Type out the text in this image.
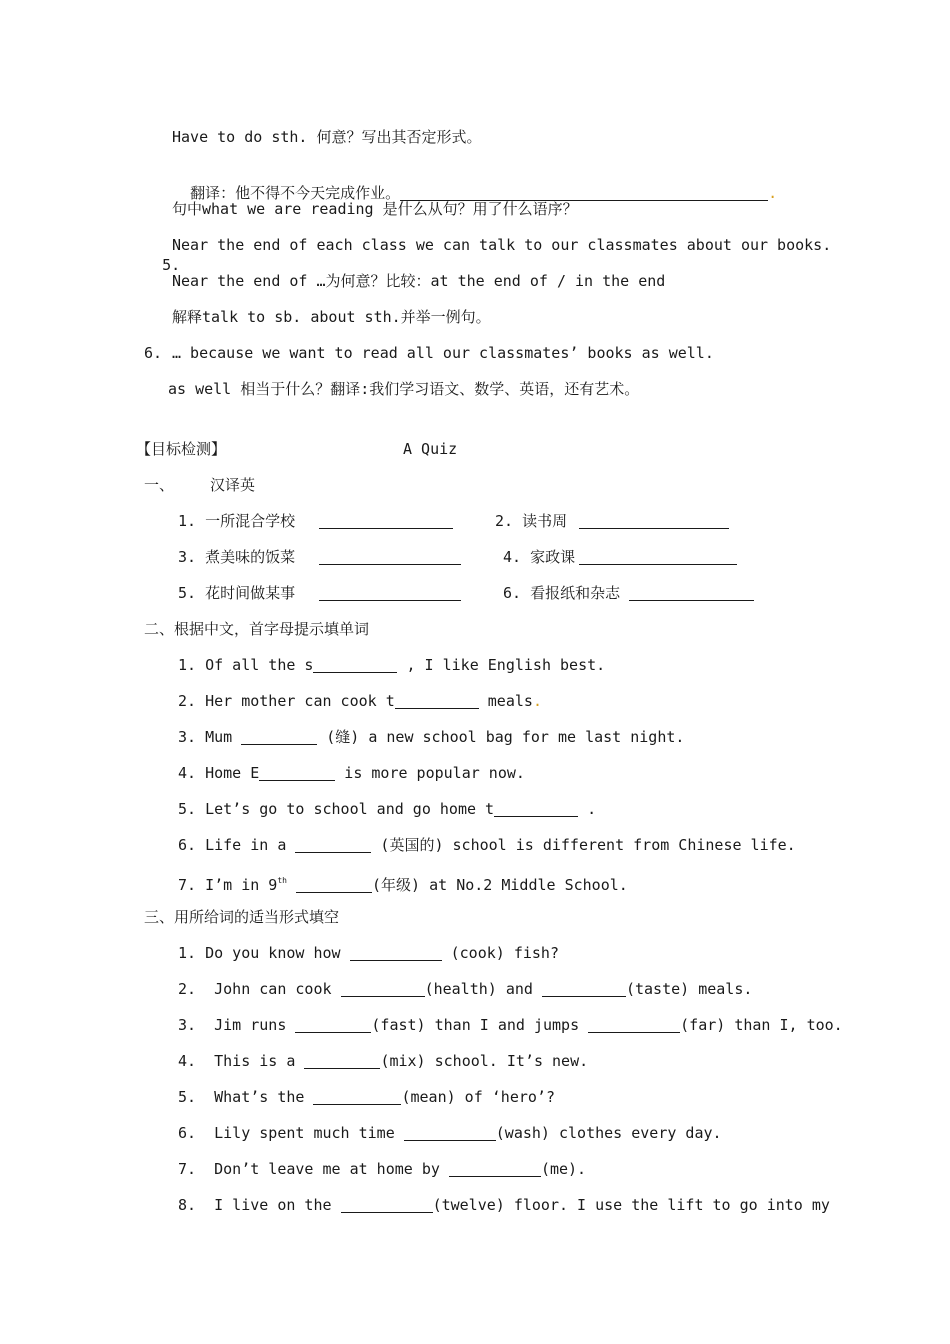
Have to do sth. 何意？写出其否定形式。

翻译：他不得不今天完成作业。	.

句中what we are reading 是什么从句？用了什么语序？

5.

Near the end of each class we can talk to our classmates about our books.
Near the end of …为何意？比较：at the end of / in the end
解释talk to sb. about sth.并举一例句。
6. … because we want to read all our classmates’ books as well.
as well 相当于什么？翻译:我们学习语文、数学、英语，还有艺术。
【目标检测】	A Quiz
一、 汉译英
1. 一所混合学校	2. 读书周
3. 煮美味的饭菜	4. 家政课
5. 花时间做某事	6. 看报纸和杂志
二、根据中文，首字母提示填单词
1. Of all the s	, I like English best.
2. Her mother can cook t	meals.
3. Mum	(缝) a new school bag for me last night.
4. Home E	is more popular now.
5. Let’s go to school and go home t	.
6. Life in a	(英国的) school is different from Chinese life.
7. I’m in 9th	(年级) at No.2 Middle School.
三、用所给词的适当形式填空
1. Do you know how	(cook) fish?
2.  John can cook	(health) and	(taste) meals.
3.  Jim runs	(fast) than I and jumps	(far) than I, too.
4.  This is a	(mix) school. It’s new.
5.  What’s the	(mean) of ‘hero’?
6.  Lily spent much time	(wash) clothes every day.
7.  Don’t leave me at home by	(me).
8.  I live on the	(twelve) floor. I use the lift to go into my
